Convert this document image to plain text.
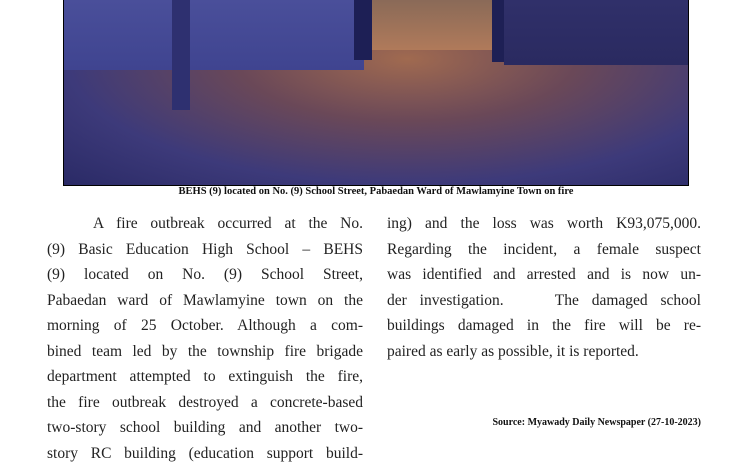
BEHS (9) located on No. (9) School Street, Pabaedan Ward of Mawlamyine Town on fire
A fire outbreak occurred at the No.
(9) Basic Education High School – BEHS
(9) located on No. (9) School Street,
Pabaedan ward of Mawlamyine town on the
morning of 25 October. Although a com-
bined team led by the township fire brigade
department attempted to extinguish the fire,
the fire outbreak destroyed a concrete-based
two-story school building and another two-
story RC building (education support build-
ing) and the loss was worth K93,075,000.
Regarding the incident, a female suspect
was identified and arrested and is now un-
der investigation.    The damaged school
buildings damaged in the fire will be re-
paired as early as possible, it is reported.
Source: Myawady Daily Newspaper (27-10-2023)
